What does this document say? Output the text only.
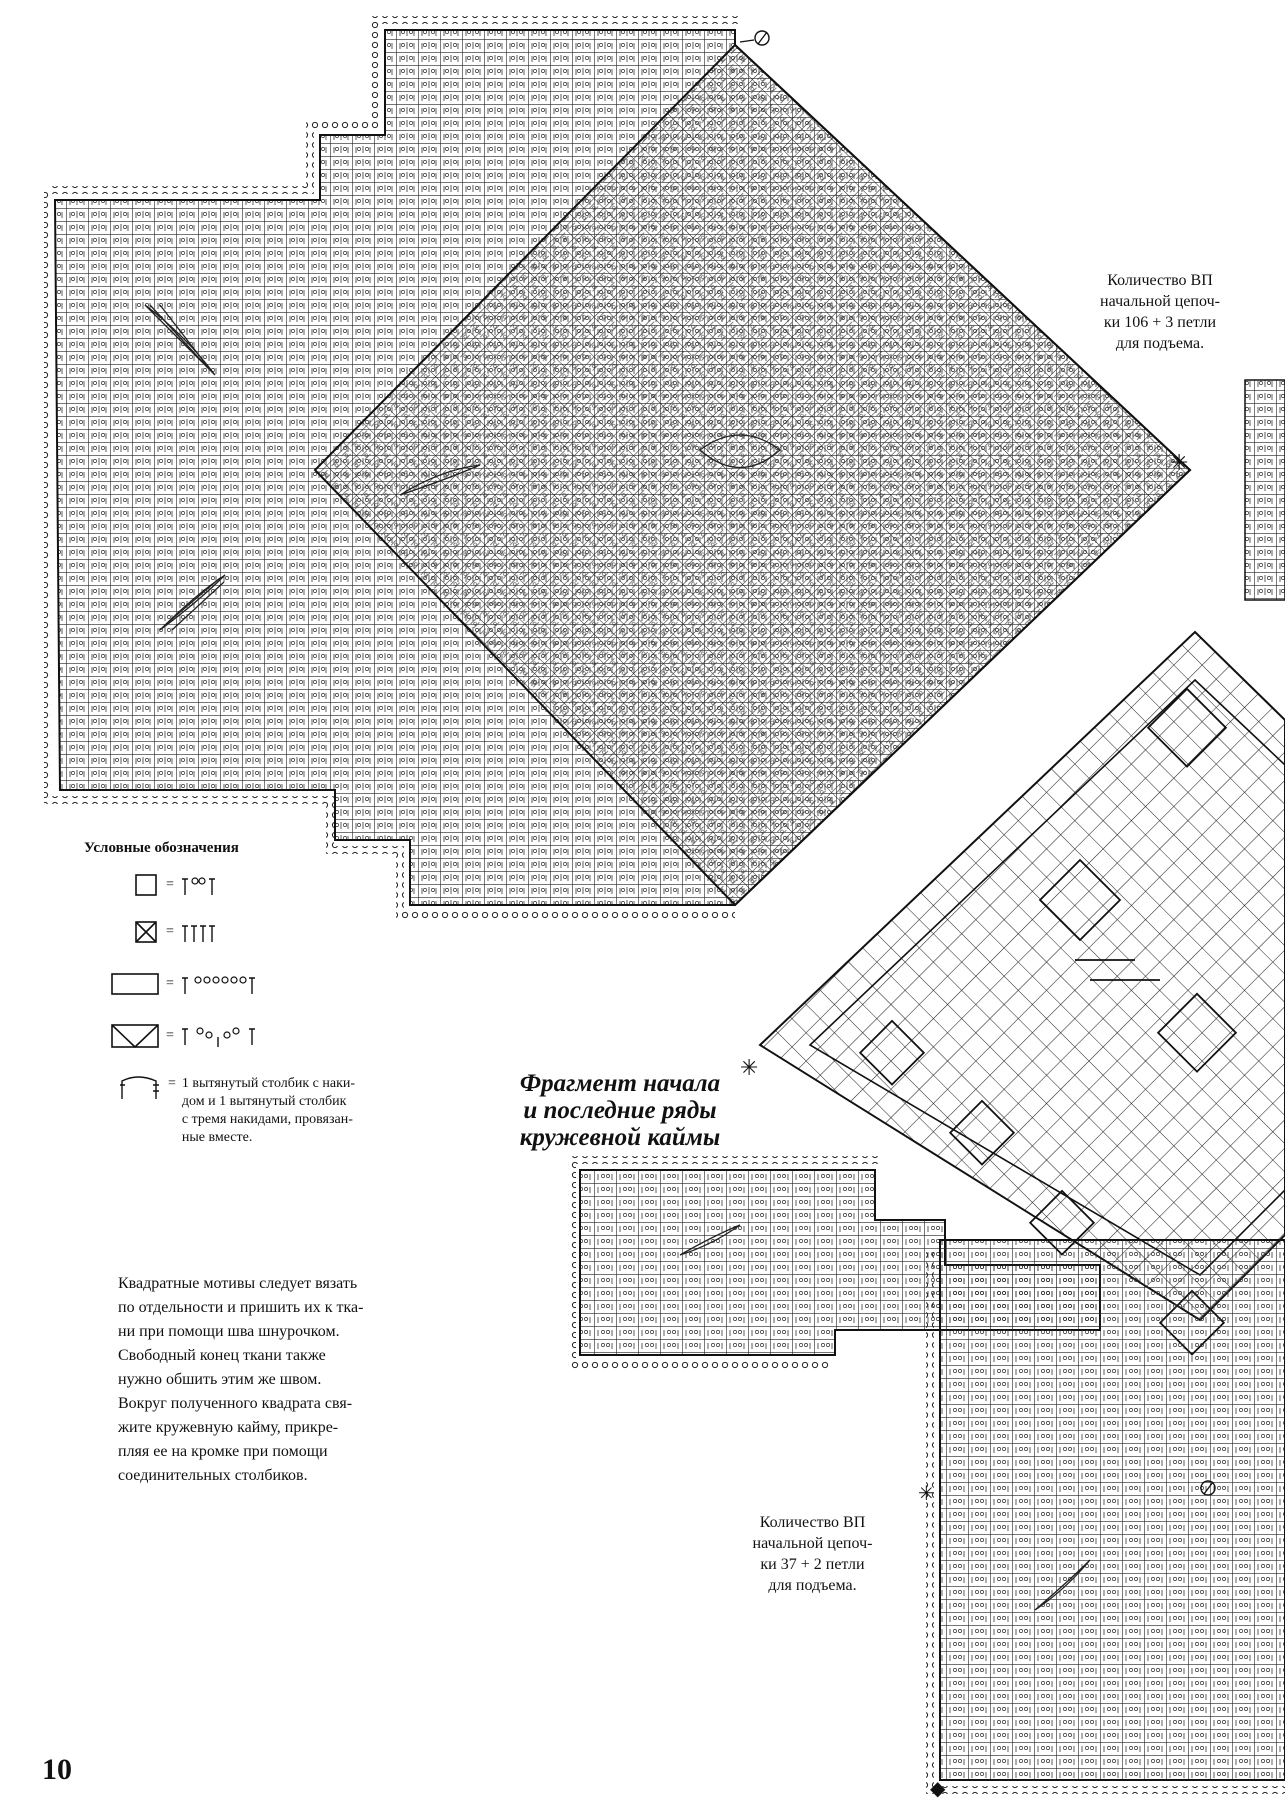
✳
Количество ВП
начальной цепоч-
ки 106 + 3 петли
для подъема.
Условные обозначения
=
=
=
=
= 1 вытянутый столбик с наки-
дом и 1 вытянутый столбик
с тремя накидами, провязан-
ные вместе.
Квадратные мотивы следует вязать
по отдельности и пришить их к тка-
ни при помощи шва шнурочком.
Свободный конец ткани также
нужно обшить этим же швом.
Вокруг полученного квадрата свя-
жите кружевную кайму, прикре-
пляя ее на кромке при помощи
соединительных столбиков.
✳
✳
◆
Фрагмент начала
и последние ряды
кружевной каймы
Количество ВП
начальной цепоч-
ки 37 + 2 петли
для подъема.
10
